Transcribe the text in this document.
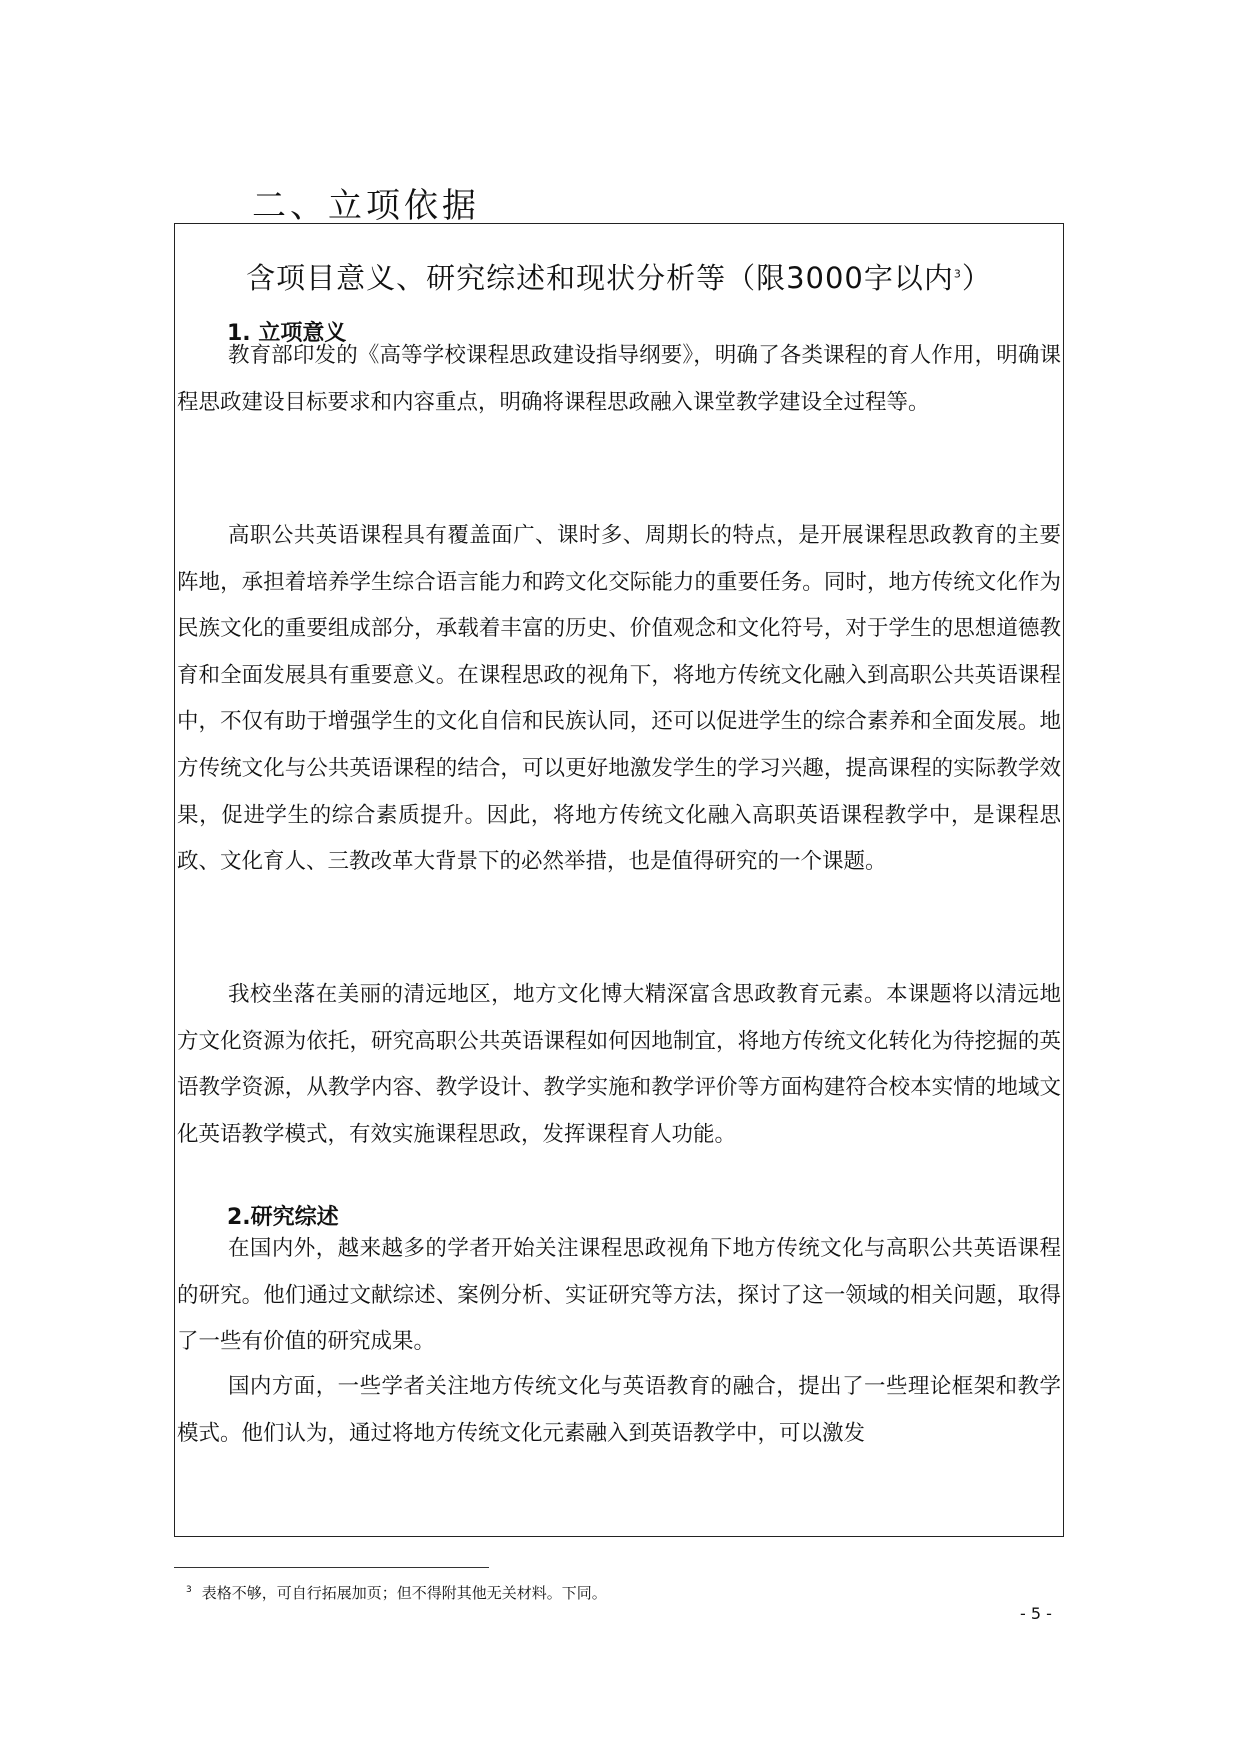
二、立项依据
含项目意义、研究综述和现状分析等（限3000字以内$^3$）
1. 立项意义

教育部印发的《高等学校课程思政建设指导纲要》，明确了各类课程的育人作用，明确课程思政建设目标要求和内容重点，明确将课程思政融入课堂教学建设全过程等。

高职公共英语课程具有覆盖面广、课时多、周期长的特点，是开展课程思政教育的主要阵地，承担着培养学生综合语言能力和跨文化交际能力的重要任务。同时，地方传统文化作为民族文化的重要组成部分，承载着丰富的历史、价值观念和文化符号，对于学生的思想道德教育和全面发展具有重要意义。在课程思政的视角下，将地方传统文化融入到高职公共英语课程中，不仅有助于增强学生的文化自信和民族认同，还可以促进学生的综合素养和全面发展。地方传统文化与公共英语课程的结合，可以更好地激发学生的学习兴趣，提高课程的实际教学效果，促进学生的综合素质提升。因此，将地方传统文化融入高职英语课程教学中，是课程思政、文化育人、三教改革大背景下的必然举措，也是值得研究的一个课题。

我校坐落在美丽的清远地区，地方文化博大精深富含思政教育元素。本课题将以清远地方文化资源为依托，研究高职公共英语课程如何因地制宜，将地方传统文化转化为待挖掘的英语教学资源，从教学内容、教学设计、教学实施和教学评价等方面构建符合校本实情的地域文化英语教学模式，有效实施课程思政，发挥课程育人功能。

2.研究综述

在国内外，越来越多的学者开始关注课程思政视角下地方传统文化与高职公共英语课程的研究。他们通过文献综述、案例分析、实证研究等方法，探讨了这一领域的相关问题，取得了一些有价值的研究成果。

国内方面，一些学者关注地方传统文化与英语教育的融合，提出了一些理论框架和教学模式。他们认为，通过将地方传统文化元素融入到英语教学中，可以激发

$^3$ 表格不够，可自行拓展加页；但不得附其他无关材料。下同。
- 5 -
